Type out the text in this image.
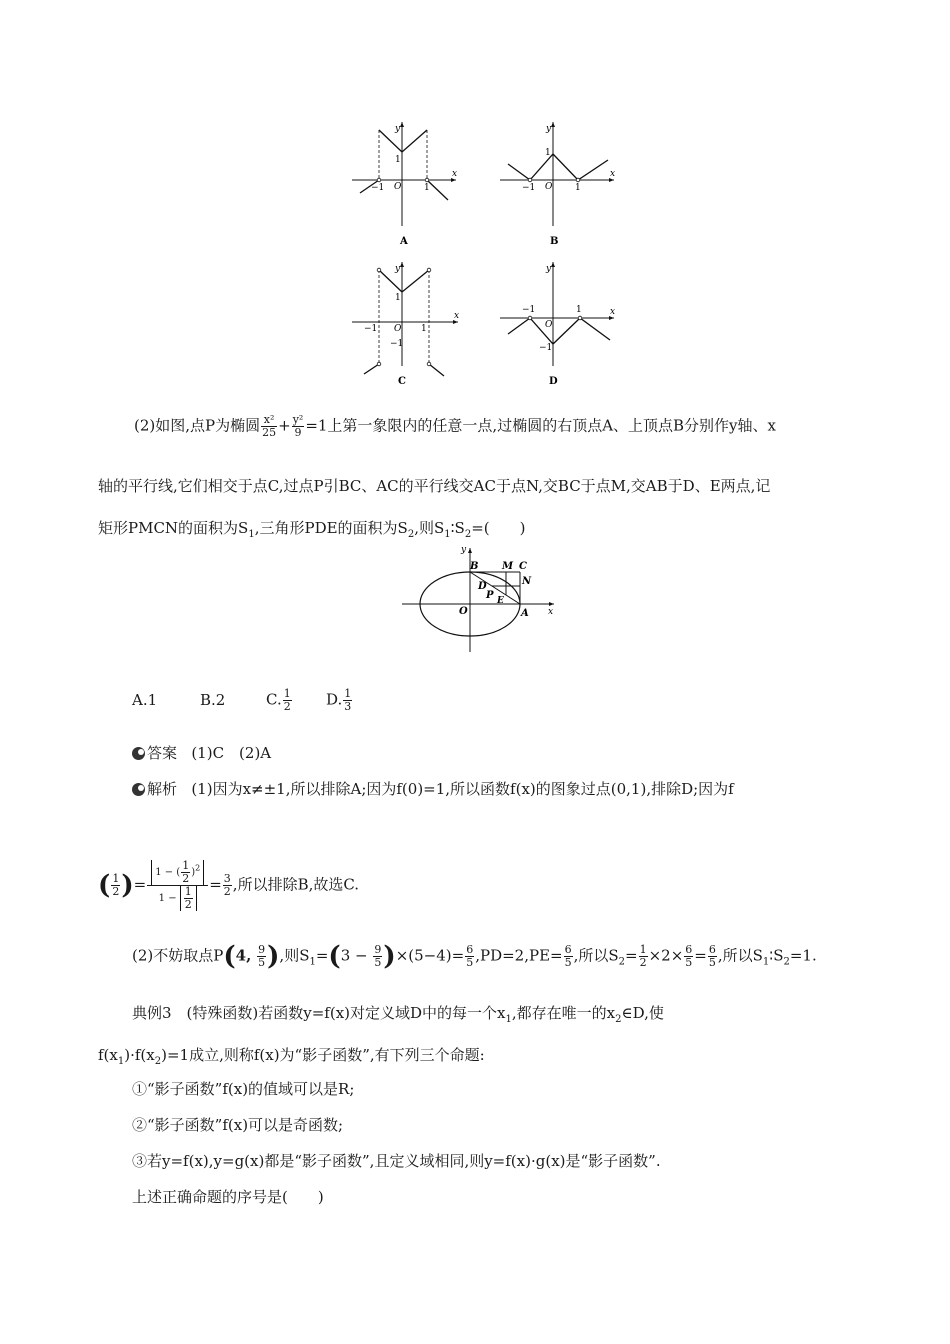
y
x
1
O
−1	1
A
y
x
1
O
−1	1
B
y
x
1
O
−1	1
−1
C
y
x
−1	1
O
−1
D
(2)如图,点P为椭圆 $\frac{\text{x²}}{25} + \frac{\text{y²}}{9} =1$上第一象限内的任意一点,过椭圆的右顶点A、上顶点B分别作y轴、x
轴的平行线,它们相交于点C,过点P引BC、AC的平行线交AC于点N,交BC于点M,交AB于D、E两点,记
矩形PMCN的面积为$S_1$,三角形PDE的面积为$S_2$,则$S_1∶S_2=$(　　)
y
x
B M C
N
D
P E
O	A
A.1	B.2	C. $\frac{1}{2} D$. $\frac{1}{3}$
答案 (1)C　(2)A
解析 (1)因为x≠±1,所以排除A;因为f(0)=1,所以函数f(x)的图象过点(0,1),排除D;因为f
( $\frac{1}{2}$ )= $\frac{1 - ( \frac{1}{2} )^2}{1 - \frac{1}{2}} = \frac{3}{2}$ ,所以排除B,故选C.
(2)不妨取点P(4, $\frac{9}{5}$ ),则$S_1=(3 - \frac{9}{5} )\times(5-4)= \frac{6}{5} ,PD=2,PE= \frac{6}{5}$ ,所以$S_2= \frac{1}{2} \times 2\times \frac{6}{5} = \frac{6}{5}$ ,所以$S_1∶S_2=1$.
典例3　(特殊函数)若函数y=f(x)对定义域D中的每一个$x_1$,都存在唯一的$x_2\in D$,使
$f(x_1)\cdot f(x_2)=1$成立,则称f(x)为“影子函数”,有下列三个命题:
①“影子函数”f(x)的值域可以是R;
②“影子函数”f(x)可以是奇函数;
③若y=f(x),y=g(x)都是“影子函数”,且定义域相同,则y=f(x)·g(x)是“影子函数”.
上述正确命题的序号是(　　)
